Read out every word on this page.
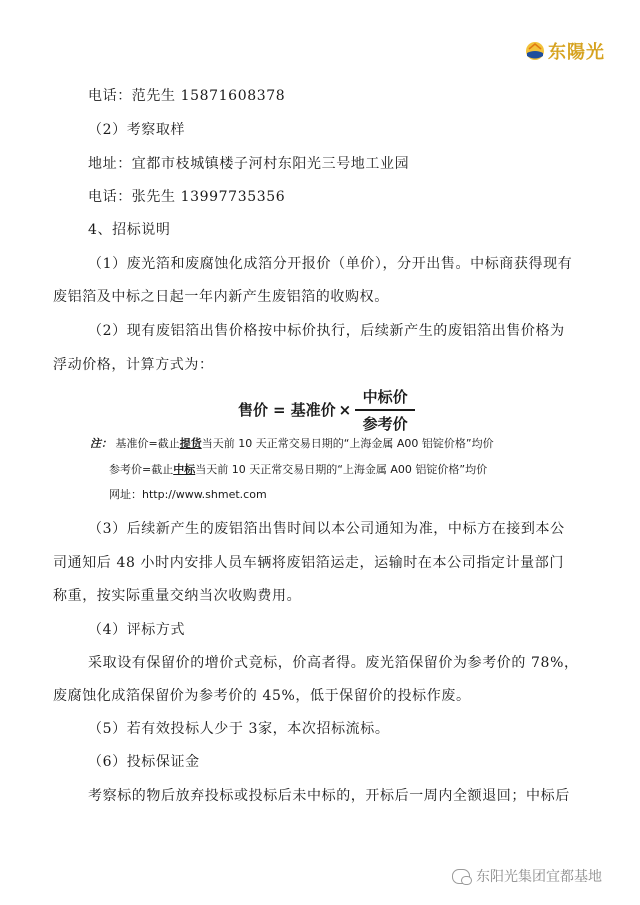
东陽光
电话：范先生 15871608378
（2）考察取样
地址：宜都市枝城镇楼子河村东阳光三号地工业园
电话：张先生 13997735356
4、招标说明
（1）废光箔和废腐蚀化成箔分开报价（单价），分开出售。中标商获得现有
废铝箔及中标之日起一年内新产生废铝箔的收购权。
（2）现有废铝箔出售价格按中标价执行，后续新产生的废铝箔出售价格为
浮动价格，计算方式为：
售价 = 基准价 × $\frac{\text{中标价}}{\text{参考价}}$
注： 基准价=截止提货当天前 10 天正常交易日期的“上海金属 A00 铝锭价格”均价
参考价=截止中标当天前 10 天正常交易日期的“上海金属 A00 铝锭价格”均价
网址：http://www.shmet.com
（3）后续新产生的废铝箔出售时间以本公司通知为准，中标方在接到本公
司通知后 48 小时内安排人员车辆将废铝箔运走，运输时在本公司指定计量部门
称重，按实际重量交纳当次收购费用。
（4）评标方式
采取设有保留价的增价式竞标，价高者得。废光箔保留价为参考价的 78%，
废腐蚀化成箔保留价为参考价的 45%，低于保留价的投标作废。
（5）若有效投标人少于 3家，本次招标流标。
（6）投标保证金
考察标的物后放弃投标或投标后未中标的，开标后一周内全额退回；中标后
东阳光集团宜都基地
